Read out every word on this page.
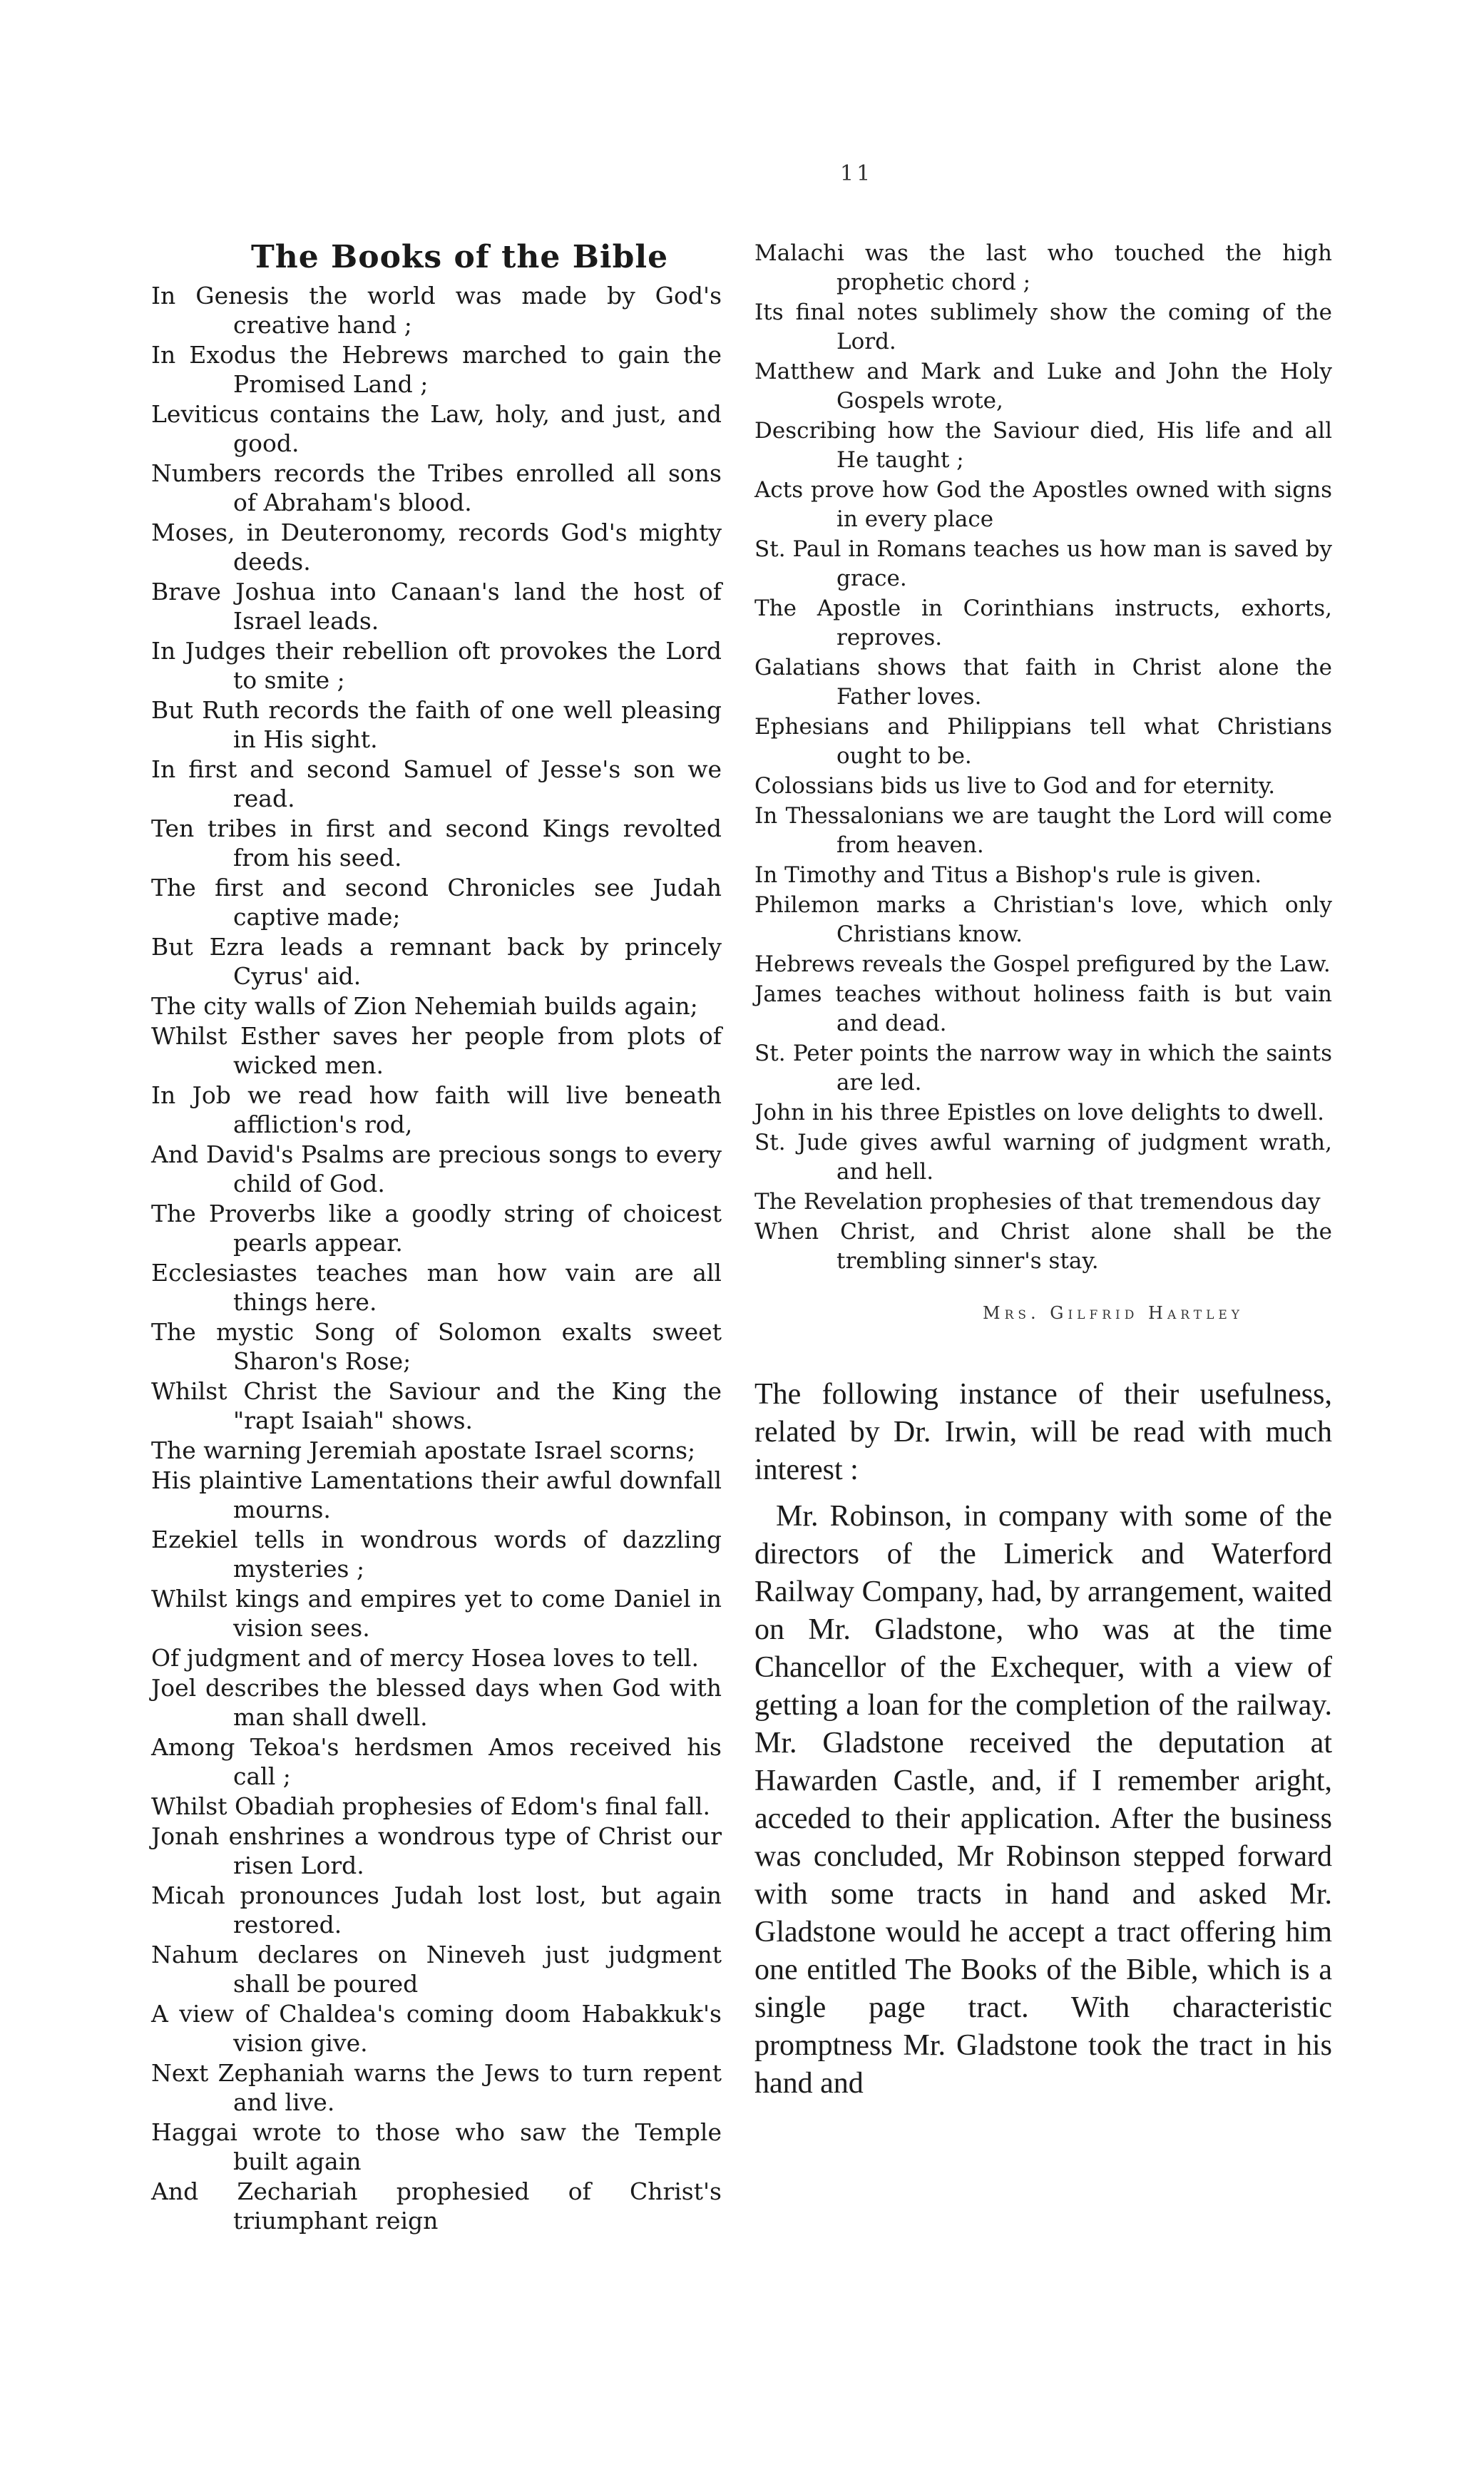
11
The Books of the Bible

In Genesis the world was made by God's creative hand ;

In Exodus the Hebrews marched to gain the Promised Land ;

Leviticus contains the Law, holy, and just, and good.

Numbers records the Tribes enrolled all sons of Abraham's blood.

Moses, in Deuteronomy, records God's mighty deeds.

Brave Joshua into Canaan's land the host of Israel leads.

In Judges their rebellion oft provokes the Lord to smite ;

But Ruth records the faith of one well pleasing in His sight.

In first and second Samuel of Jesse's son we read.

Ten tribes in first and second Kings revolted from his seed.

The first and second Chronicles see Judah captive made;

But Ezra leads a remnant back by princely Cyrus' aid.

The city walls of Zion Nehemiah builds again;

Whilst Esther saves her people from plots of wicked men.

In Job we read how faith will live beneath affliction's rod,

And David's Psalms are precious songs to every child of God.

The Proverbs like a goodly string of choicest pearls appear.

Ecclesiastes teaches man how vain are all things here.

The mystic Song of Solomon exalts sweet Sharon's Rose;

Whilst Christ the Saviour and the King the "rapt Isaiah" shows.

The warning Jeremiah apostate Israel scorns;

His plaintive Lamentations their awful downfall mourns.

Ezekiel tells in wondrous words of dazzling mysteries ;

Whilst kings and empires yet to come Daniel in vision sees.

Of judgment and of mercy Hosea loves to tell.

Joel describes the blessed days when God with man shall dwell.

Among Tekoa's herdsmen Amos received his call ;

Whilst Obadiah prophesies of Edom's final fall.

Jonah enshrines a wondrous type of Christ our risen Lord.

Micah pronounces Judah lost lost, but again restored.

Nahum declares on Nineveh just judgment shall be poured

A view of Chaldea's coming doom Habakkuk's vision give.

Next Zephaniah warns the Jews to turn repent and live.

Haggai wrote to those who saw the Temple built again

And Zechariah prophesied of Christ's triumphant reign

Malachi was the last who touched the high prophetic chord ;

Its final notes sublimely show the coming of the Lord.

Matthew and Mark and Luke and John the Holy Gospels wrote,

Describing how the Saviour died, His life and all He taught ;

Acts prove how God the Apostles owned with signs in every place

St. Paul in Romans teaches us how man is saved by grace.

The Apostle in Corinthians instructs, exhorts, reproves.

Galatians shows that faith in Christ alone the Father loves.

Ephesians and Philippians tell what Christians ought to be.

Colossians bids us live to God and for eternity.

In Thessalonians we are taught the Lord will come from heaven.

In Timothy and Titus a Bishop's rule is given.

Philemon marks a Christian's love, which only Christians know.

Hebrews reveals the Gospel prefigured by the Law.

James teaches without holiness faith is but vain and dead.

St. Peter points the narrow way in which the saints are led.

John in his three Epistles on love delights to dwell.

St. Jude gives awful warning of judgment wrath, and hell.

The Revelation prophesies of that tremendous day

When Christ, and Christ alone shall be the trembling sinner's stay.

Mrs. Gilfrid Hartley

The following instance of their usefulness, related by Dr. Irwin, will be read with much interest :

Mr. Robinson, in company with some of the directors of the Limerick and Waterford Railway Company, had, by arrangement, waited on Mr. Gladstone, who was at the time Chancellor of the Exchequer, with a view of getting a loan for the completion of the railway. Mr. Gladstone received the deputation at Hawarden Castle, and, if I remember aright, acceded to their application. After the business was concluded, Mr Robinson stepped forward with some tracts in hand and asked Mr. Gladstone would he accept a tract offering him one entitled The Books of the Bible, which is a single page tract. With characteristic promptness Mr. Gladstone took the tract in his hand and
